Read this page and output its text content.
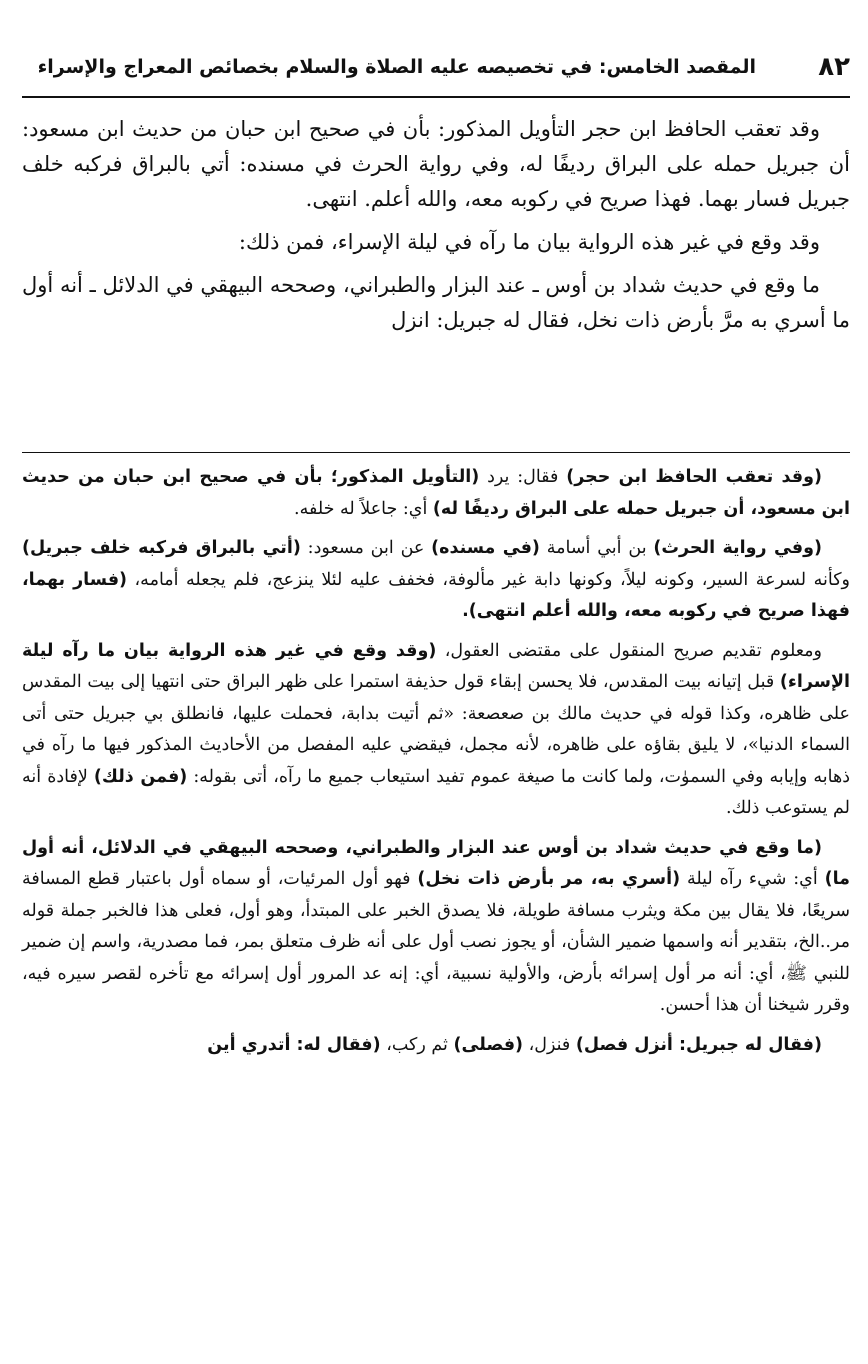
٨٢
المقصد الخامس: في تخصيصه عليه الصلاة والسلام بخصائص المعراج والإسراء

وقد تعقب الحافظ ابن حجر التأويل المذكور: بأن في صحيح ابن حبان من حديث ابن مسعود: أن جبريل حمله على البراق رديفًا له، وفي رواية الحرث في مسنده: أتي بالبراق فركبه خلف جبريل فسار بهما. فهذا صريح في ركوبه معه، والله أعلم. انتهى.

وقد وقع في غير هذه الرواية بيان ما رآه في ليلة الإسراء، فمن ذلك:

ما وقع في حديث شداد بن أوس ـ عند البزار والطبراني، وصححه البيهقي في الدلائل ـ أنه أول ما أسري به مرَّ بأرض ذات نخل، فقال له جبريل: انزل

(وقد تعقب الحافظ ابن حجر) فقال: يرد (التأويل المذكور؛ بأن في صحيح ابن حبان من حديث ابن مسعود، أن جبريل حمله على البراق رديفًا له) أي: جاعلاً له خلفه.

(وفي رواية الحرث) بن أبي أسامة (في مسنده) عن ابن مسعود: (أتي بالبراق فركبه خلف جبريل) وكأنه لسرعة السير، وكونه ليلاً، وكونها دابة غير مألوفة، فخفف عليه لئلا ينزعج، فلم يجعله أمامه، (فسار بهما، فهذا صريح في ركوبه معه، والله أعلم انتهى).

ومعلوم تقديم صريح المنقول على مقتضى العقول، (وقد وقع في غير هذه الرواية بيان ما رآه ليلة الإسراء) قبل إتيانه بيت المقدس، فلا يحسن إبقاء قول حذيفة استمرا على ظهر البراق حتى انتهيا إلى بيت المقدس على ظاهره، وكذا قوله في حديث مالك بن صعصعة: «ثم أتيت بدابة، فحملت عليها، فانطلق بي جبريل حتى أتى السماء الدنيا»، لا يليق بقاؤه على ظاهره، لأنه مجمل، فيقضي عليه المفصل من الأحاديث المذكور فيها ما رآه في ذهابه وإيابه وفي السموٰت، ولما كانت ما صيغة عموم تفيد استيعاب جميع ما رآه، أتى بقوله: (فمن ذلك) لإفادة أنه لم يستوعب ذلك.

(ما وقع في حديث شداد بن أوس عند البزار والطبراني، وصححه البيهقي في الدلائل، أنه أول ما) أي: شيء رآه ليلة (أسري به، مر بأرض ذات نخل) فهو أول المرئيات، أو سماه أول باعتبار قطع المسافة سريعًا، فلا يقال بين مكة ويثرب مسافة طويلة، فلا يصدق الخبر على المبتدأ، وهو أول، فعلى هذا فالخبر جملة قوله مر..الخ، بتقدير أنه واسمها ضمير الشأن، أو يجوز نصب أول على أنه ظرف متعلق بمر، فما مصدرية، واسم إن ضمير للنبي ﷺ، أي: أنه مر أول إسرائه بأرض، والأولية نسبية، أي: إنه عد المرور أول إسرائه مع تأخره لقصر سيره فيه، وقرر شيخنا أن هذا أحسن.

(فقال له جبريل: أنزل فصل) فنزل، (فصلى) ثم ركب، (فقال له: أتدري أين
